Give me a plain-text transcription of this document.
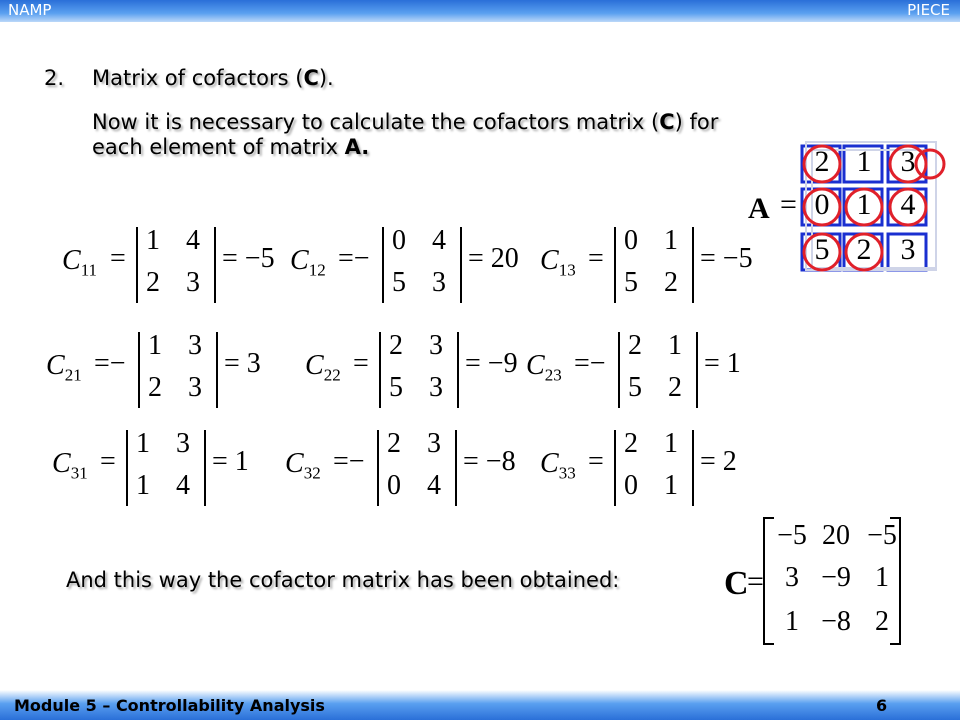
NAMP	PIECE
2. Matrix of cofactors (C).
Now it is necessary to calculate the cofactors matrix (C) for
each element of matrix A.
A =
2 1 3
0 1 4
5 2 3
$C_{11}$ =
1 4
2 3
= −5 $C_{12}$ =−
0 4
5 3
= 20 $C_{13}$ =
0 1
5 2
= −5
$C_{21}$ =−
1 3
2 3
= 3 $C_{22}$ =
2 3
5 3
= −9 $C_{23}$ =−
2 1
5 2
= 1
$C_{31}$ =
1 3
1 4
= 1 $C_{32}$ =−
2 3
0 4
= −8 $C_{33}$ =
2 1
0 1
= 2
And this way the cofactor matrix has been obtained:	C
=
−5 20 −5
3 −9 1
1 −8 2
Module 5 – Controllability Analysis	6
